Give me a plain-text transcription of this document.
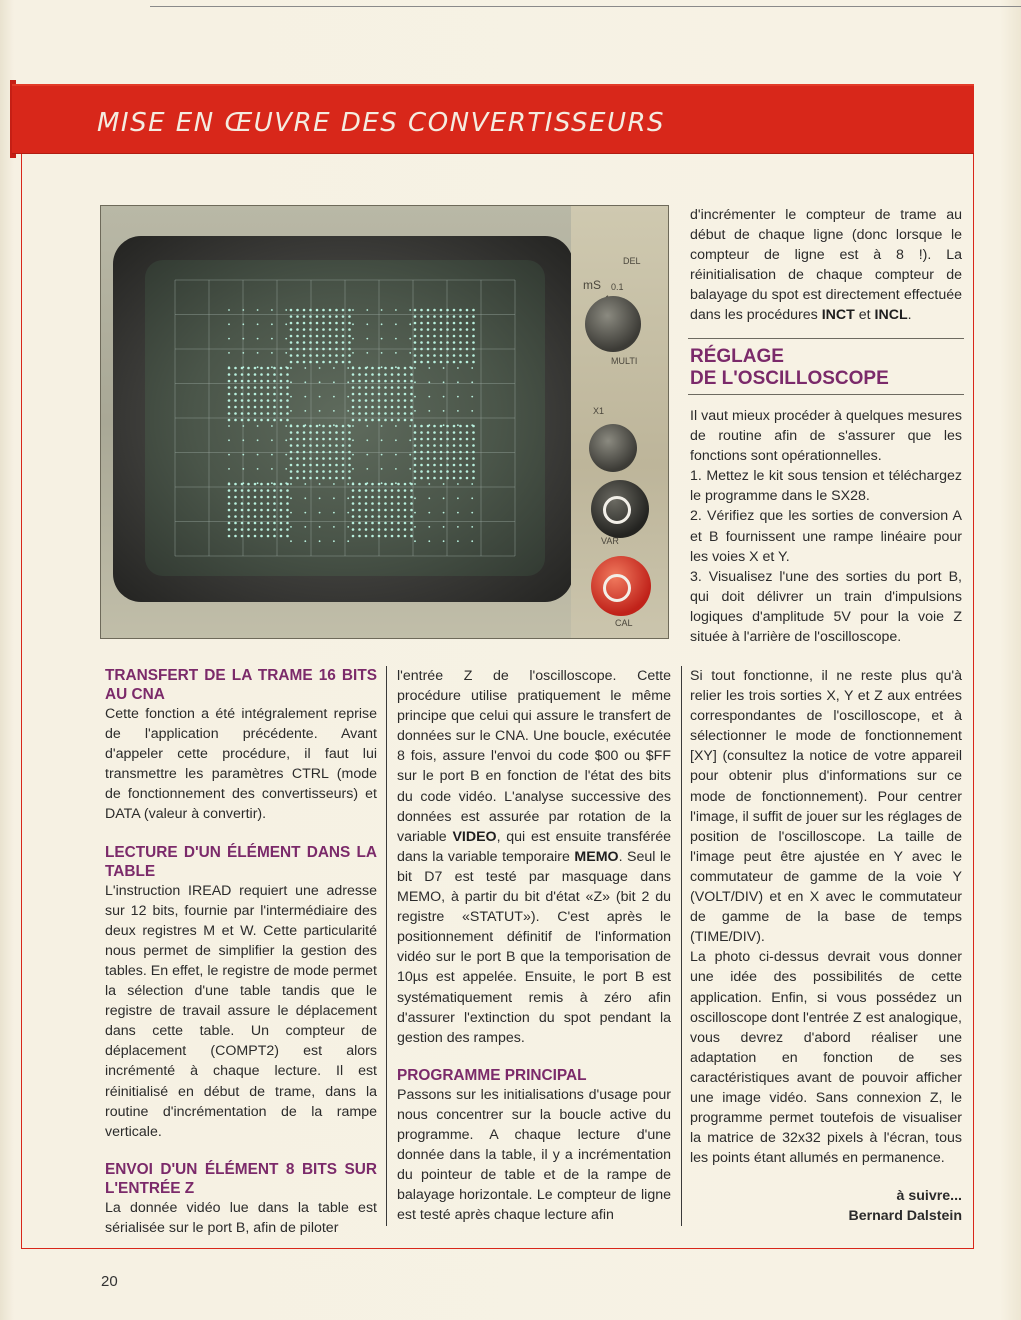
MISE EN ŒUVRE DES CONVERTISSEURS
DEL
mS 0.1
MULTI
X1
VAR
CAL

d'incrémenter le compteur de trame au début de chaque ligne (donc lorsque le compteur de ligne est à 8 !). La réinitialisation de chaque compteur de balayage du spot est directement effectuée dans les procédures INCT et INCL.

RÉGLAGE
DE L'OSCILLOSCOPE

Il vaut mieux procéder à quelques mesures de routine afin de s'assurer que les fonctions sont opérationnelles.

1. Mettez le kit sous tension et téléchargez le programme dans le SX28.

2. Vérifiez que les sorties de conversion A et B fournissent une rampe linéaire pour les voies X et Y.

3. Visualisez l'une des sorties du port B, qui doit délivrer un train d'impulsions logiques d'amplitude 5V pour la voie Z située à l'arrière de l'oscilloscope.

TRANSFERT DE LA TRAME 16 BITS AU CNA

Cette fonction a été intégralement reprise de l'application précédente. Avant d'appeler cette procédure, il faut lui transmettre les paramètres CTRL (mode de fonctionnement des convertisseurs) et DATA (valeur à convertir).

LECTURE D'UN ÉLÉMENT DANS LA TABLE

L'instruction IREAD requiert une adresse sur 12 bits, fournie par l'intermédiaire des deux registres M et W. Cette particularité nous permet de simplifier la gestion des tables. En effet, le registre de mode permet la sélection d'une table tandis que le registre de travail assure le déplacement dans cette table. Un compteur de déplacement (COMPT2) est alors incrémenté à chaque lecture. Il est réinitialisé en début de trame, dans la routine d'incrémentation de la rampe verticale.

ENVOI D'UN ÉLÉMENT 8 BITS SUR L'ENTRÉE Z

La donnée vidéo lue dans la table est sérialisée sur le port B, afin de piloter

l'entrée Z de l'oscilloscope. Cette procédure utilise pratiquement le même principe que celui qui assure le transfert de données sur le CNA. Une boucle, exécutée 8 fois, assure l'envoi du code $00 ou $FF sur le port B en fonction de l'état des bits du code vidéo. L'analyse successive des données est assurée par rotation de la variable VIDEO, qui est ensuite transférée dans la variable temporaire MEMO. Seul le bit D7 est testé par masquage dans MEMO, à partir du bit d'état «Z» (bit 2 du registre «STATUT»). C'est après le positionnement définitif de l'information vidéo sur le port B que la temporisation de 10µs est appelée. Ensuite, le port B est systématiquement remis à zéro afin d'assurer l'extinction du spot pendant la gestion des rampes.

PROGRAMME PRINCIPAL

Passons sur les initialisations d'usage pour nous concentrer sur la boucle active du programme. A chaque lecture d'une donnée dans la table, il y a incrémentation du pointeur de table et de la rampe de balayage horizontale. Le compteur de ligne est testé après chaque lecture afin

Si tout fonctionne, il ne reste plus qu'à relier les trois sorties X, Y et Z aux entrées correspondantes de l'oscilloscope, et à sélectionner le mode de fonctionnement [XY] (consultez la notice de votre appareil pour obtenir plus d'informations sur ce mode de fonctionnement). Pour centrer l'image, il suffit de jouer sur les réglages de position de l'oscilloscope. La taille de l'image peut être ajustée en Y avec le commutateur de gamme de la voie Y (VOLT/DIV) et en X avec le commutateur de gamme de la base de temps (TIME/DIV).

La photo ci-dessus devrait vous donner une idée des possibilités de cette application. Enfin, si vous possédez un oscilloscope dont l'entrée Z est analogique, vous devrez d'abord réaliser une adaptation en fonction de ses caractéristiques avant de pouvoir afficher une image vidéo. Sans connexion Z, le programme permet toutefois de visualiser la matrice de 32x32 pixels à l'écran, tous les points étant allumés en permanence.

à suivre...
Bernard Dalstein
20
